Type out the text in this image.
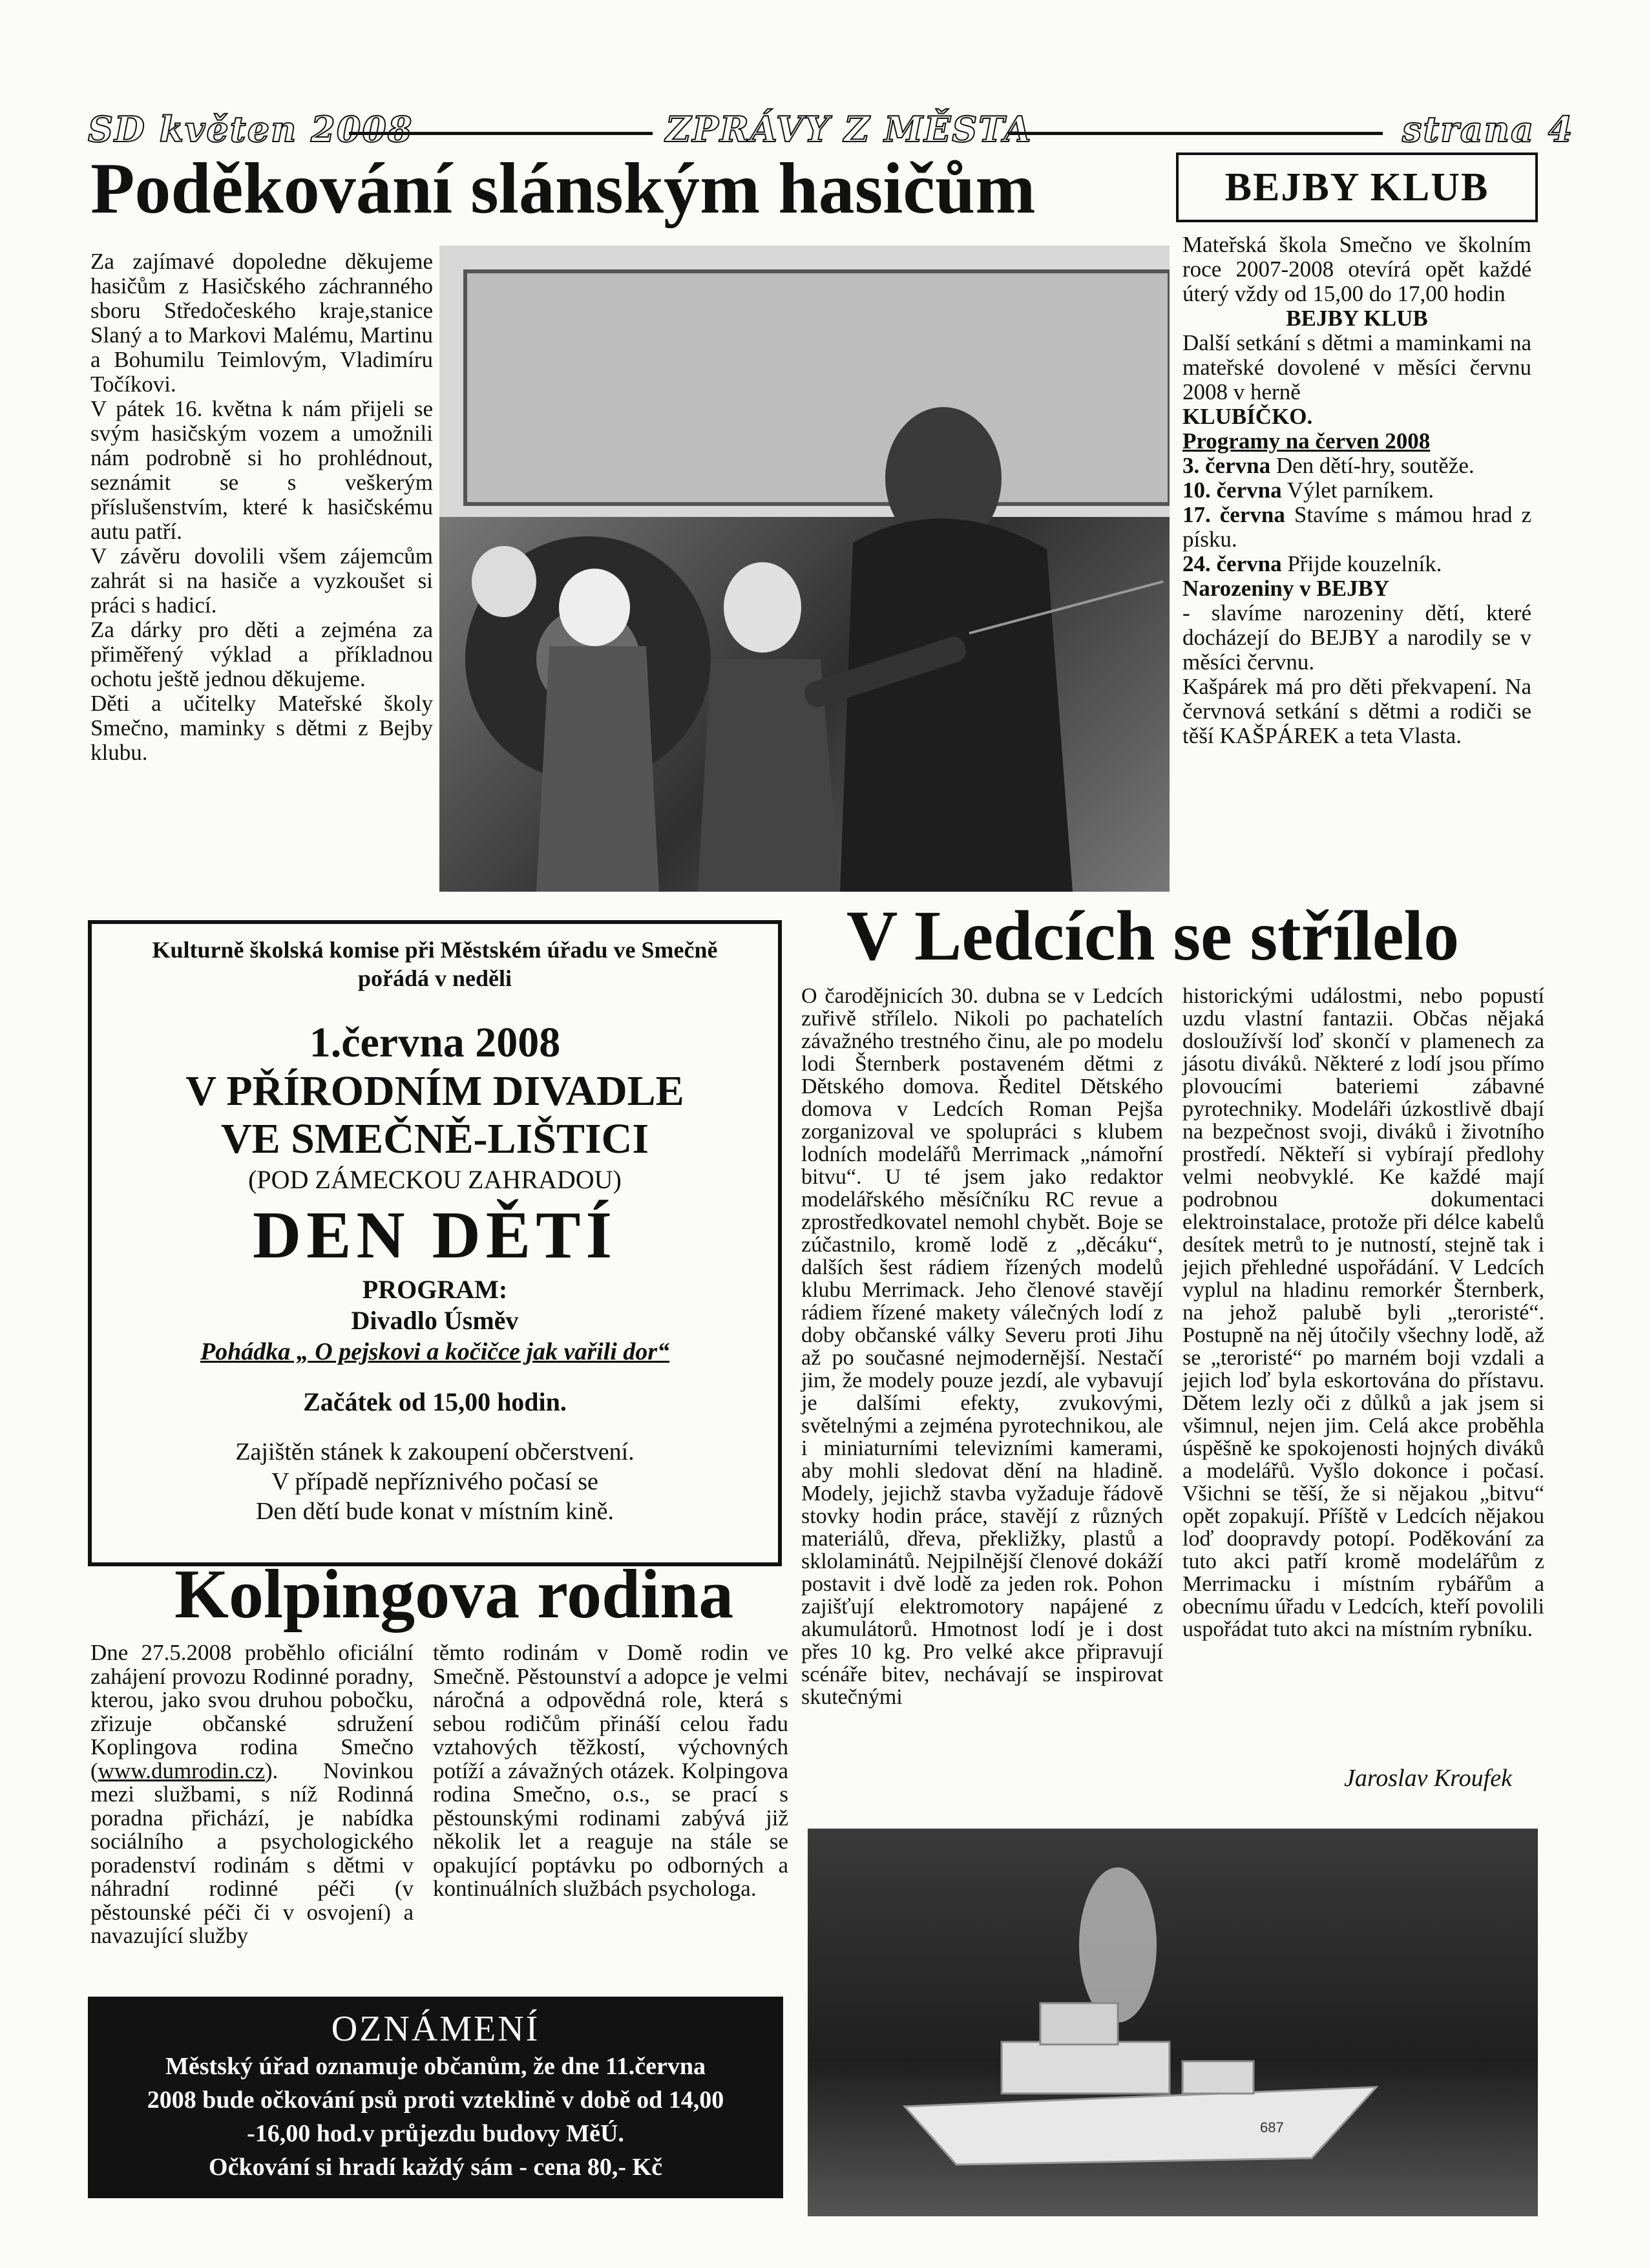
SD květen 2008	ZPRÁVY Z MĚSTA	strana 4
Poděkování slánským hasičům

Za zajímavé dopoledne děkujeme hasičům z Hasičského záchranného sboru Středočeského kraje,stanice Slaný a to Markovi Malému, Martinu a Bohumilu Teimlovým, Vladimíru Točíkovi.

V pátek 16. května k nám přijeli se svým hasičským vozem a umožnili nám podrobně si ho prohlédnout, seznámit se s veškerým příslušenstvím, které k hasičskému autu patří.

V závěru dovolili všem zájemcům zahrát si na hasiče a vyzkoušet si práci s hadicí.

Za dárky pro děti a zejména za přiměřený výklad a příkladnou ochotu ještě jednou děkujeme.

Děti a učitelky Mateřské školy Smečno, maminky s dětmi z Bejby klubu.

BEJBY KLUB

Mateřská škola Smečno ve školním roce 2007-2008 otevírá opět každé úterý vždy od 15,00 do 17,00 hodin

BEJBY KLUB

Další setkání s dětmi a maminkami na mateřské dovolené v měsíci červnu 2008 v herně

KLUBÍČKO.

Programy na červen 2008

3. června Den dětí-hry, soutěže.

10. června Výlet parníkem.

17. června Stavíme s mámou hrad z písku.

24. června Přijde kouzelník.

Narozeniny v BEJBY

- slavíme narozeniny dětí, které docházejí do BEJBY a narodily se v měsíci červnu.

Kašpárek má pro děti překvapení. Na červnová setkání s dětmi a rodiči se těší KAŠPÁREK a teta Vlasta.

Kulturně školská komise při Městském úřadu ve Smečně
pořádá v neděli
1.června 2008
V PŘÍRODNÍM DIVADLE
VE SMEČNĚ-LIŠTICI
(POD ZÁMECKOU ZAHRADOU)
DEN DĚTÍ
PROGRAM:
Divadlo Úsměv
Pohádka „ O pejskovi a kočičce jak vařili dor“
Začátek od 15,00 hodin.
Zajištěn stánek k zakoupení občerstvení.
V případě nepříznivého počasí se
Den dětí bude konat v místním kině.
V Ledcích se střílelo

O čarodějnicích 30. dubna se v Ledcích zuřivě střílelo. Nikoli po pachatelích závažného trestného činu, ale po modelu lodi Šternberk postaveném dětmi z Dětského domova. Ředitel Dětského domova v Ledcích Roman Pejša zorganizoval ve spolupráci s klubem lodních modelářů Merrimack „námořní bitvu“. U té jsem jako redaktor modelářského měsíčníku RC revue a zprostředkovatel nemohl chybět. Boje se zúčastnilo, kromě lodě z „děcáku“, dalších šest rádiem řízených modelů klubu Merrimack. Jeho členové stavějí rádiem řízené makety válečných lodí z doby občanské války Severu proti Jihu až po současné nejmodernější. Nestačí jim, že modely pouze jezdí, ale vybavují je dalšími efekty, zvukovými, světelnými a zejména pyrotechnikou, ale i miniaturními televizními kamerami, aby mohli sledovat dění na hladině. Modely, jejichž stavba vyžaduje řádově stovky hodin práce, stavějí z různých materiálů, dřeva, překližky, plastů a sklolaminátů. Nejpilnější členové dokáží postavit i dvě lodě za jeden rok. Pohon zajišťují elektromotory napájené z akumulátorů. Hmotnost lodí je i dost přes 10 kg. Pro velké akce připravují scénáře bitev, nechávají se inspirovat skutečnými

historickými událostmi, nebo popustí uzdu vlastní fantazii. Občas nějaká dosloužívší loď skončí v plamenech za jásotu diváků. Některé z lodí jsou přímo plovoucími bateriemi zábavné pyrotechniky. Modeláři úzkostlivě dbají na bezpečnost svoji, diváků i životního prostředí. Někteří si vybírají předlohy velmi neobvyklé. Ke každé mají podrobnou dokumentaci elektroinstalace, protože při délce kabelů desítek metrů to je nutností, stejně tak i jejich přehledné uspořádání. V Ledcích vyplul na hladinu remorkér Šternberk, na jehož palubě byli „teroristé“. Postupně na něj útočily všechny lodě, až se „teroristé“ po marném boji vzdali a jejich loď byla eskortována do přístavu. Dětem lezly oči z důlků a jak jsem si všimnul, nejen jim. Celá akce proběhla úspěšně ke spokojenosti hojných diváků a modelářů. Vyšlo dokonce i počasí. Všichni se těší, že si nějakou „bitvu“ opět zopakují. Příště v Ledcích nějakou loď doopravdy potopí. Poděkování za tuto akci patří kromě modelářům z Merrimacku i místním rybářům a obecnímu úřadu v Ledcích, kteří povolili uspořádat tuto akci na místním rybníku.

Jaroslav Kroufek
687
Kolpingova rodina

Dne 27.5.2008 proběhlo oficiální zahájení provozu Rodinné poradny, kterou, jako svou druhou pobočku, zřizuje občanské sdružení Koplingova rodina Smečno (www.dumrodin.cz). Novinkou mezi službami, s níž Rodinná poradna přichází, je nabídka sociálního a psychologického poradenství rodinám s dětmi v náhradní rodinné péči (v pěstounské péči či v osvojení) a navazující služby

těmto rodinám v Domě rodin ve Smečně. Pěstounství a adopce je velmi náročná a odpovědná role, která s sebou rodičům přináší celou řadu vztahových těžkostí, výchovných potíží a závažných otázek. Kolpingova rodina Smečno, o.s., se prací s pěstounskými rodinami zabývá již několik let a reaguje na stále se opakující poptávku po odborných a kontinuálních službách psychologa.

OZNÁMENÍ
Městský úřad oznamuje občanům, že dne 11.června
2008 bude očkování psů proti vzteklině v době od 14,00
-16,00 hod.v průjezdu budovy MěÚ.
Očkování si hradí každý sám - cena 80,- Kč
